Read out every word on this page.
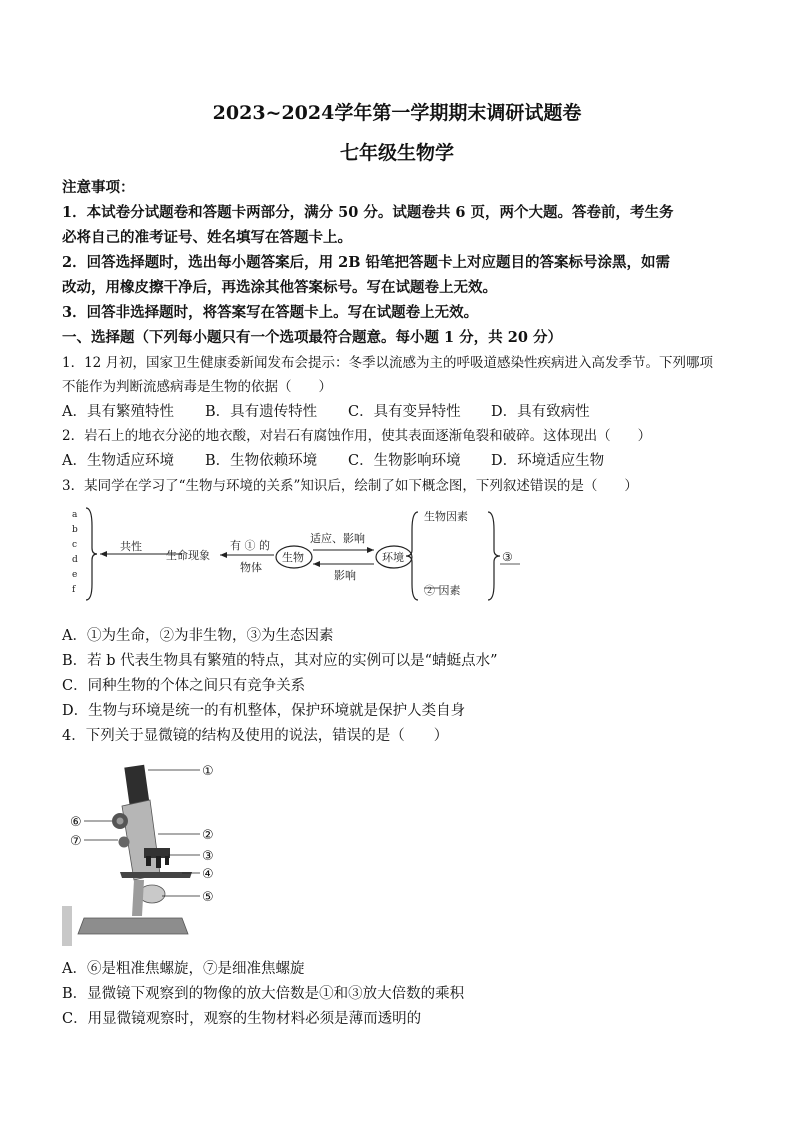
2023~2024学年第一学期期末调研试题卷
七年级生物学
注意事项：
1．本试卷分试题卷和答题卡两部分，满分 50 分。试题卷共 6 页，两个大题。答卷前，考生务
必将自己的准考证号、姓名填写在答题卡上。
2．回答选择题时，选出每小题答案后，用 2B 铅笔把答题卡上对应题目的答案标号涂黑，如需
改动，用橡皮擦干净后，再选涂其他答案标号。写在试题卷上无效。
3．回答非选择题时，将答案写在答题卡上。写在试题卷上无效。
一、选择题（下列每小题只有一个选项最符合题意。每小题 1 分，共 20 分）
1．12 月初，国家卫生健康委新闻发布会提示：冬季以流感为主的呼吸道感染性疾病进入高发季节。下列哪项
不能作为判断流感病毒是生物的依据（　　）
A．具有繁殖特性 B．具有遗传特性 C．具有变异特性 D．具有致病性
2．岩石上的地衣分泌的地衣酸，对岩石有腐蚀作用，使其表面逐渐龟裂和破碎。这体现出（　　）
A．生物适应环境 B．生物依赖环境 C．生物影响环境 D．环境适应生物
3．某同学在学习了“生物与环境的关系”知识后，绘制了如下概念图，下列叙述错误的是（　　）
a
b
c
d
e
f
共性
生命现象
有 ① 的
物体
生物
适应、影响
影响
环境
生物因素
② 因素
③
A．①为生命，②为非生物，③为生态因素
B．若 b 代表生物具有繁殖的特点，其对应的实例可以是“蜻蜓点水”
C．同种生物的个体之间只有竞争关系
D．生物与环境是统一的有机整体，保护环境就是保护人类自身
4．下列关于显微镜的结构及使用的说法，错误的是（　　）
①
②
③
④
⑤
⑥
⑦
A．⑥是粗准焦螺旋，⑦是细准焦螺旋
B．显微镜下观察到的物像的放大倍数是①和③放大倍数的乘积
C．用显微镜观察时，观察的生物材料必须是薄而透明的
